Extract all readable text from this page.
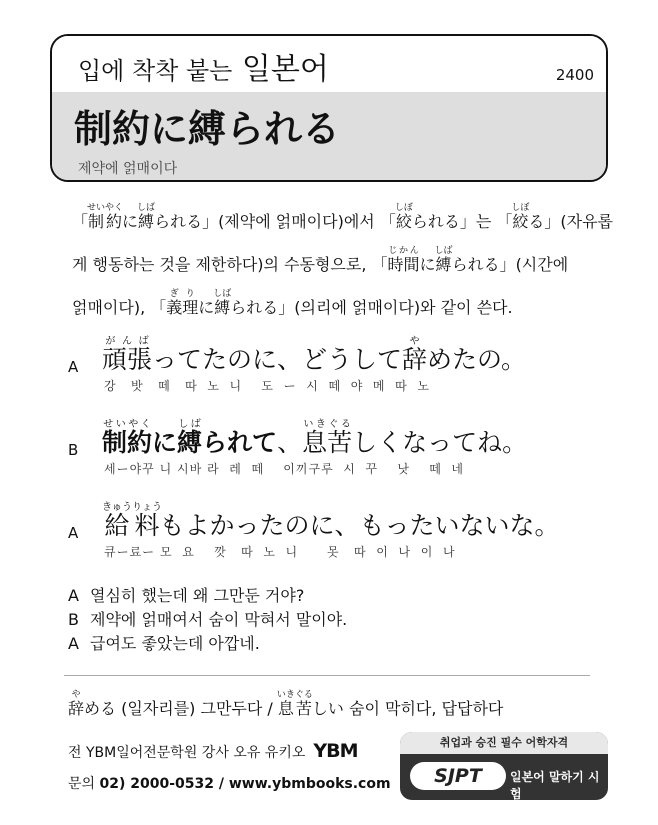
입에 착착 붙는 일본어	2400
制約に縛られる
제약에 얽매이다
「制約せいやくに縛しばられる」(제약에 얽매이다)에서 「絞しぼられる」는 「絞しぼる」(자유롭
게 행동하는 것을 제한하다)의 수동형으로, 「時間じかんに縛しばられる」(시간에
얽매이다), 「義理ぎりに縛しばられる」(의리에 얽매이다)와 같이 쓴다.
A 頑張がんばってたのに、どうして辞やめたの。
강   밧   떼   따  노  니    도  ー  시  떼  야  메  따  노
B 制約せいやくに縛しばられて、息苦いきぐるしくなってね。
세ー야꾸 니 시바 라  레  떼    이끼구루  시  꾸    낫    떼  네
A 給料きゅうりょうもよかったのに、もったいないな。
큐ー료ー 모  요    깟   따  노  니      못   따  이  나  이  나
A 열심히 했는데 왜 그만둔 거야?
B 제약에 얽매여서 숨이 막혀서 말이야.
A 급여도 좋았는데 아깝네.
辞やめる (일자리를) 그만두다 / 息苦いきぐるしい 숨이 막히다, 답답하다
전 YBM일어전문학원 강사 오유 유키오 YBM
문의 02) 2000-0532 / www.ybmbooks.com
취업과 승진 필수 어학자격
SJPT	일본어 말하기 시험
